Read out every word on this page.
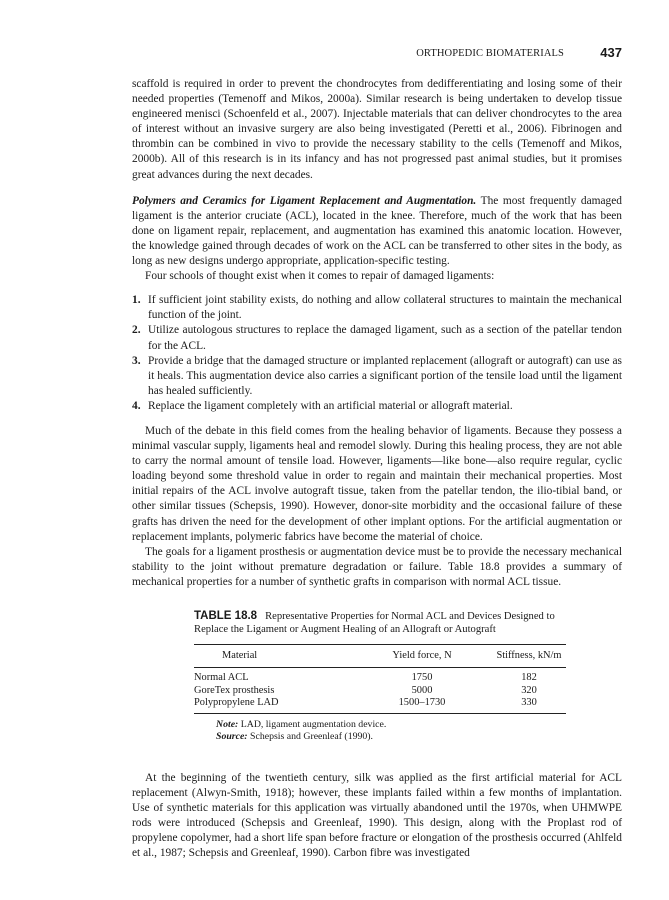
ORTHOPEDIC BIOMATERIALS	437

scaffold is required in order to prevent the chondrocytes from dedifferentiating and losing some of their needed properties (Temenoff and Mikos, 2000a). Similar research is being undertaken to develop tissue engineered menisci (Schoenfeld et al., 2007). Injectable materials that can deliver chondrocytes to the area of interest without an invasive surgery are also being investigated (Peretti et al., 2006). Fibrinogen and thrombin can be combined in vivo to provide the necessary stability to the cells (Temenoff and Mikos, 2000b). All of this research is in its infancy and has not progressed past animal studies, but it promises great advances during the next decades.

Polymers and Ceramics for Ligament Replacement and Augmentation. The most frequently damaged ligament is the anterior cruciate (ACL), located in the knee. Therefore, much of the work that has been done on ligament repair, replacement, and augmentation has examined this anatomic location. However, the knowledge gained through decades of work on the ACL can be transferred to other sites in the body, as long as new designs undergo appropriate, application-specific testing.

Four schools of thought exist when it comes to repair of damaged ligaments:

1. If sufficient joint stability exists, do nothing and allow collateral structures to maintain the mechanical function of the joint.
2. Utilize autologous structures to replace the damaged ligament, such as a section of the patellar tendon for the ACL.
3. Provide a bridge that the damaged structure or implanted replacement (allograft or autograft) can use as it heals. This augmentation device also carries a significant portion of the tensile load until the ligament has healed sufficiently.
4. Replace the ligament completely with an artificial material or allograft material.

Much of the debate in this field comes from the healing behavior of ligaments. Because they possess a minimal vascular supply, ligaments heal and remodel slowly. During this healing process, they are not able to carry the normal amount of tensile load. However, ligaments—like bone—also require regular, cyclic loading beyond some threshold value in order to regain and maintain their mechanical properties. Most initial repairs of the ACL involve autograft tissue, taken from the patellar tendon, the ilio-tibial band, or other similar tissues (Schepsis, 1990). However, donor-site morbidity and the occasional failure of these grafts has driven the need for the development of other implant options. For the artificial augmentation or replacement implants, polymeric fabrics have become the material of choice.

The goals for a ligament prosthesis or augmentation device must be to provide the necessary mechanical stability to the joint without premature degradation or failure. Table 18.8 provides a summary of mechanical properties for a number of synthetic grafts in comparison with normal ACL tissue.

TABLE 18.8 Representative Properties for Normal ACL and Devices Designed to Replace the Ligament or Augment Healing of an Allograft or Autograft
Material	Yield force, N	Stiffness, kN/m
Normal ACL	1750	182
GoreTex prosthesis	5000	320
Polypropylene LAD	1500–1730	330
Note: LAD, ligament augmentation device.
Source: Schepsis and Greenleaf (1990).

At the beginning of the twentieth century, silk was applied as the first artificial material for ACL replacement (Alwyn-Smith, 1918); however, these implants failed within a few months of implantation. Use of synthetic materials for this application was virtually abandoned until the 1970s, when UHMWPE rods were introduced (Schepsis and Greenleaf, 1990). This design, along with the Proplast rod of propylene copolymer, had a short life span before fracture or elongation of the prosthesis occurred (Ahlfeld et al., 1987; Schepsis and Greenleaf, 1990). Carbon fibre was investigated
